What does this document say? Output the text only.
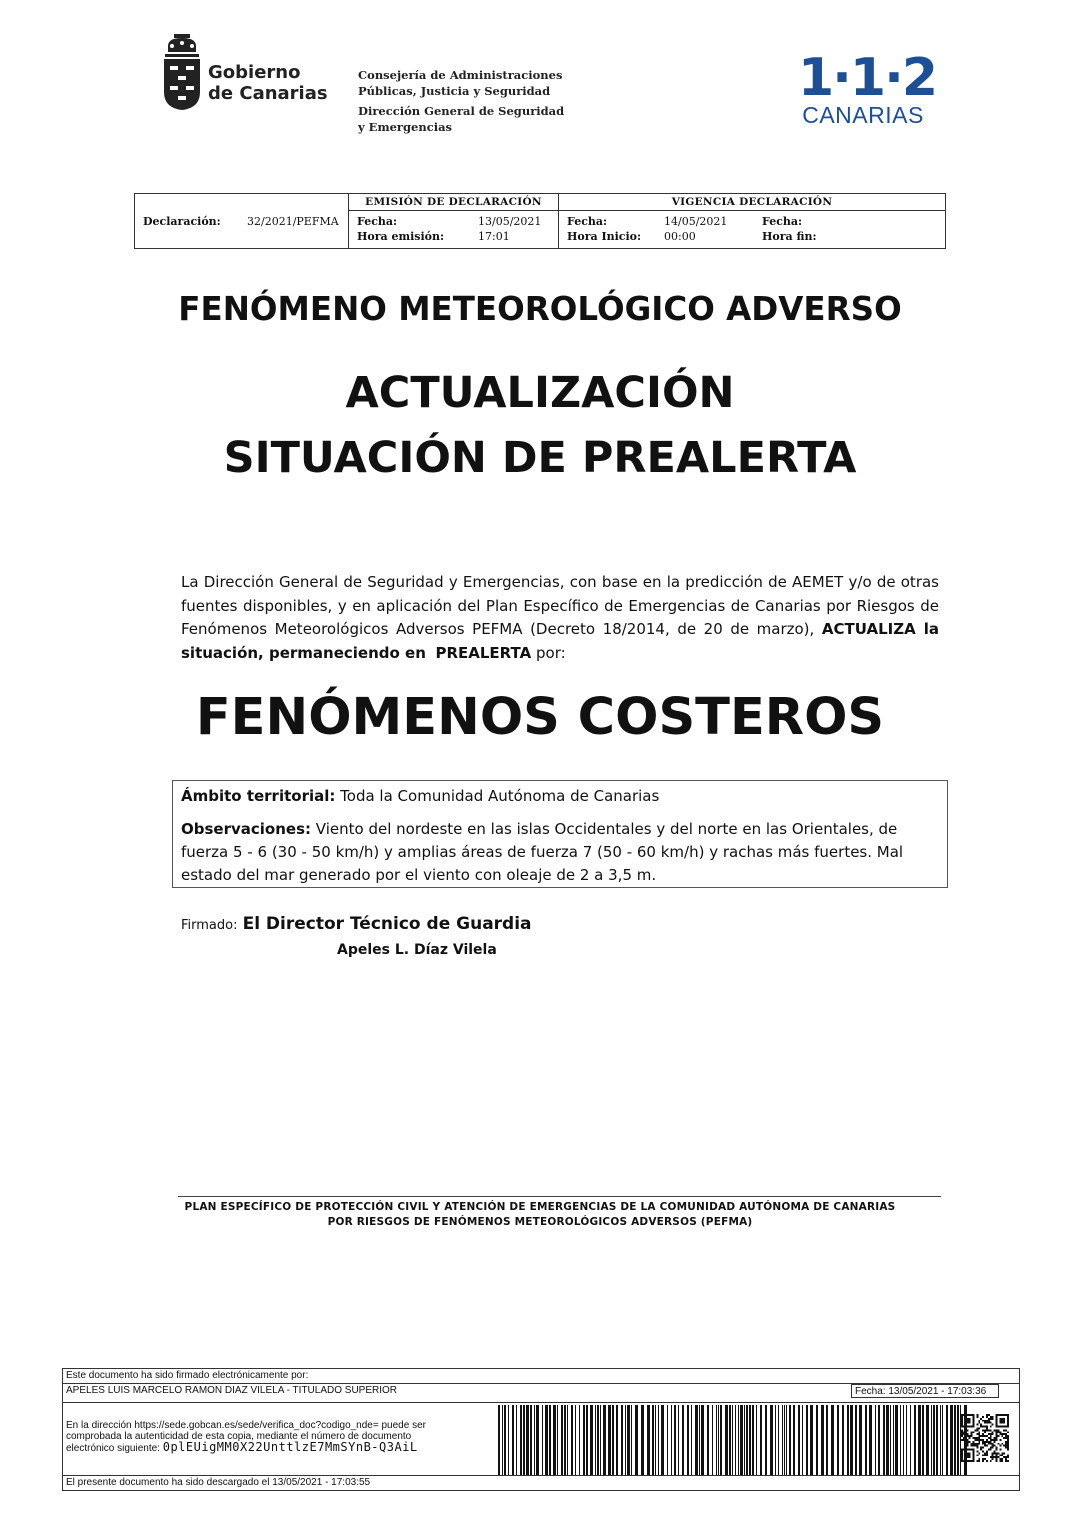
Gobierno
de Canarias
Consejería de Administraciones
Públicas, Justicia y Seguridad
Dirección General de Seguridad
y Emergencias
1·1·2
CANARIAS
Declaración: 32/2021/PEFMA
EMISIÓN DE DECLARACIÓN
Fecha:	13/05/2021
Hora emisión:	17:01
VIGENCIA DECLARACIÓN
Fecha:	14/05/2021	Fecha:
Hora Inicio: 00:00	Hora fin:
FENÓMENO METEOROLÓGICO ADVERSO
ACTUALIZACIÓN
SITUACIÓN DE PREALERTA
La Dirección General de Seguridad y Emergencias, con base en la predicción de AEMET y/o de otras fuentes disponibles, y en aplicación del Plan Específico de Emergencias de Canarias por Riesgos de Fenómenos Meteorológicos Adversos PEFMA (Decreto 18/2014, de 20 de marzo), ACTUALIZA la situación, permaneciendo en PREALERTA por:
FENÓMENOS COSTEROS
Ámbito territorial: Toda la Comunidad Autónoma de Canarias
Observaciones: Viento del nordeste en las islas Occidentales y del norte en las Orientales, de fuerza 5 - 6 (30 - 50 km/h) y amplias áreas de fuerza 7 (50 - 60 km/h) y rachas más fuertes. Mal estado del mar generado por el viento con oleaje de 2 a 3,5 m.
Firmado: El Director Técnico de Guardia
Apeles L. Díaz Vilela
PLAN ESPECÍFICO DE PROTECCIÓN CIVIL Y ATENCIÓN DE EMERGENCIAS DE LA COMUNIDAD AUTÓNOMA DE CANARIAS
POR RIESGOS DE FENÓMENOS METEOROLÓGICOS ADVERSOS (PEFMA)
Este documento ha sido firmado electrónicamente por:
APELES LUIS MARCELO RAMON DIAZ VILELA - TITULADO SUPERIOR	Fecha: 13/05/2021 - 17:03:36
En la dirección https://sede.gobcan.es/sede/verifica_doc?codigo_nde= puede ser
comprobada la autenticidad de esta copia, mediante el número de documento
electrónico siguiente: 0plEUigMM0X22UnttlzE7MmSYnB-Q3AiL
El presente documento ha sido descargado el 13/05/2021 - 17:03:55
